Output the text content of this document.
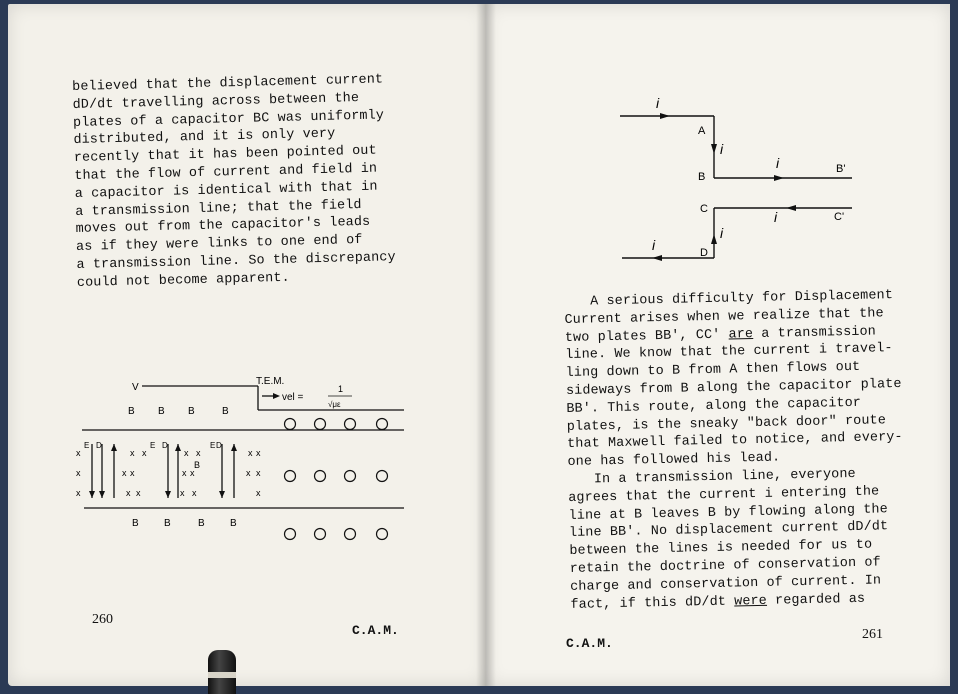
believed that the displacement current
dD/dt travelling across between the
plates of a capacitor BC was uniformly
distributed, and it is only very
recently that it has been pointed out
that the flow of current and field in
a capacitor is identical with that in
a transmission line; that the field
moves out from the capacitor's leads
as if they were links to one end of
a transmission line. So the discrepancy
could not become apparent.
V
T.E.M.
vel =
1
√με
B B B	B
E	E	E
D	D	D
B
B	B	B	B
x	x x	x x	x x
x	x x	x x	x x
x	x x	x x	x
i
A
i
B
i	B'
C	i	C'
i
i	D
A serious difficulty for Displacement
Current arises when we realize that the
two plates BB', CC' are a transmission
line. We know that the current i travel-
ling down to B from A then flows out
sideways from B along the capacitor plate
BB'. This route, along the capacitor
plates, is the sneaky "back door" route
that Maxwell failed to notice, and every-
one has followed his lead.
In a transmission line, everyone
agrees that the current i entering the
line at B leaves B by flowing along the
line BB'. No displacement current dD/dt
between the lines is needed for us to
retain the doctrine of conservation of
charge and conservation of current. In
fact, if this dD/dt were regarded as
260
C.A.M.
C.A.M.
261
